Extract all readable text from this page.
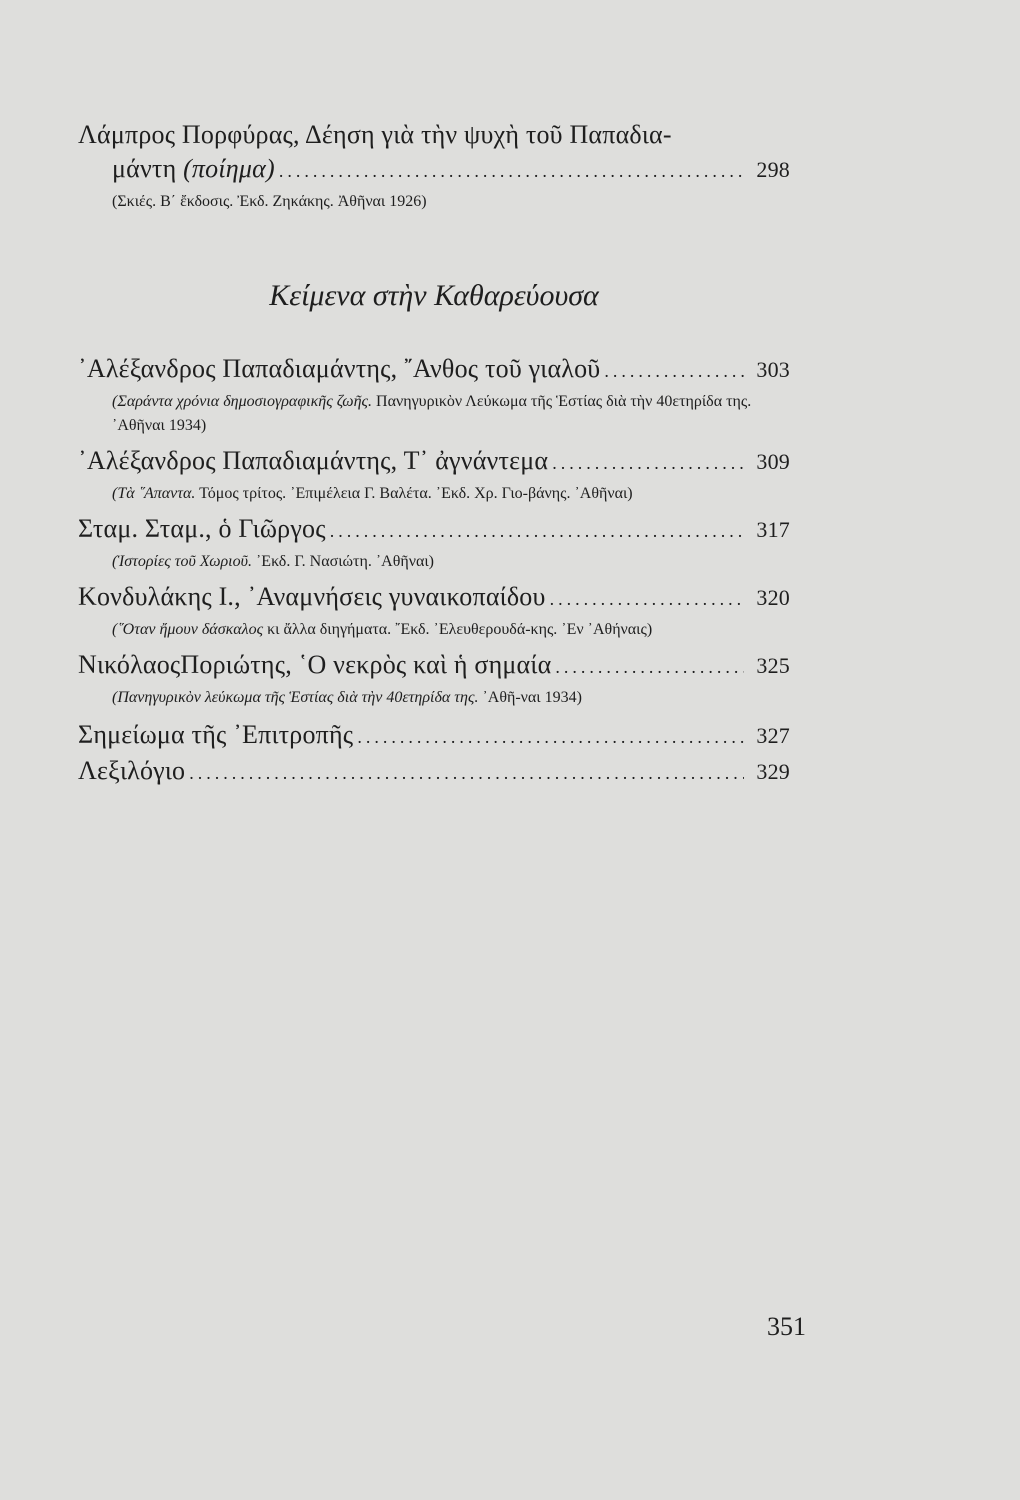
Λάμπρος Πορφύρας, Δέηση γιὰ τὴν ψυχὴ τοῦ Παπαδια-
μάντη (ποίημα) .....	298
(Σκιές. Β΄ ἔκδοσις. Ἐκδ. Ζηκάκης. Ἀθῆναι 1926)
Κείμενα στὴν Καθαρεύουσα
᾿Αλέξανδρος Παπαδιαμάντης, ῎Ανθος τοῦ γιαλοῦ .....	303
(Σαράντα χρόνια δημοσιογραφικῆς ζωῆς. Πανηγυρικὸν Λεύκωμα τῆς Ἑστίας διὰ τὴν 40ετηρίδα της. ᾿Αθῆναι 1934)
᾿Αλέξανδρος Παπαδιαμάντης, Τ᾿ ἀγνάντεμα .....	309
(Τὰ ῞Απαντα. Τόμος τρίτος. ᾿Επιμέλεια Γ. Βαλέτα. ᾿Εκδ. Χρ. Γιο-βάνης. ᾿Αθῆναι)
Σταμ. Σταμ., ὁ Γιῶργος .....	317
(Ἱστορίες τοῦ Χωριοῦ. ᾿Εκδ. Γ. Νασιώτη. ᾿Αθῆναι)
Κονδυλάκης Ι., ᾿Αναμνήσεις γυναικοπαίδου .....	320
(῞Οταν ἤμουν δάσκαλος κι ἄλλα διηγήματα. ῎Εκδ. ᾿Ελευθερουδά-κης. ᾿Εν ᾿Αθήναις)
ΝικόλαοςΠοριώτης, ῾Ο νεκρὸς καὶ ἡ σημαία .....	325
(Πανηγυρικὸν λεύκωμα τῆς Ἑστίας διὰ τὴν 40ετηρίδα της. ᾿Αθῆ-ναι 1934)
Σημείωμα τῆς ᾿Επιτροπῆς .....	327
Λεξιλόγιο .....	329
351
